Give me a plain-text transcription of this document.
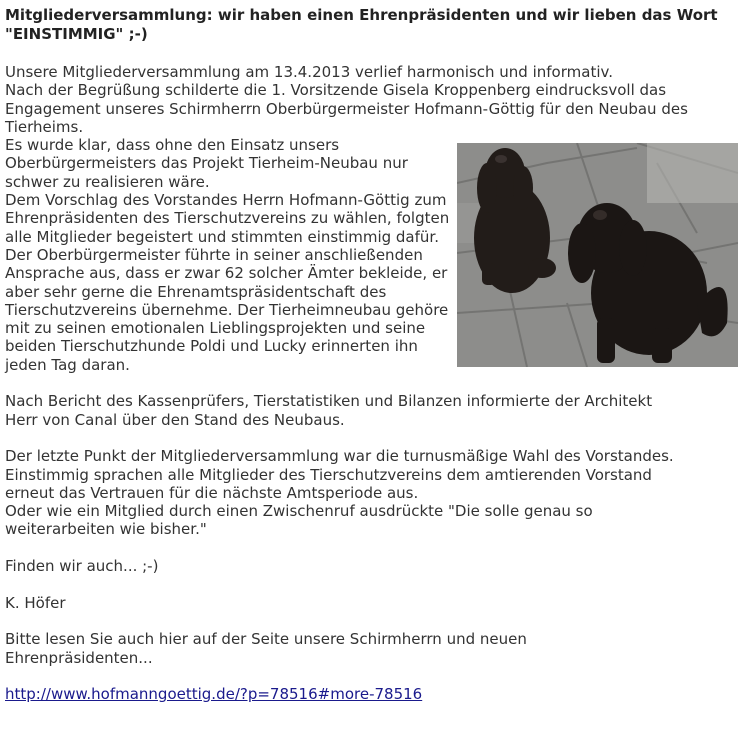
Mitgliederversammlung: wir haben einen Ehrenpräsidenten und wir lieben das Wort "EINSTIMMIG" ;-)

Unsere Mitgliederversammlung am 13.4.2013 verlief harmonisch und informativ.

Nach der Begrüßung schilderte die 1. Vorsitzende Gisela Kroppenberg eindrucksvoll das Engagement unseres Schirmherrn Oberbürgermeister Hofmann-Göttig für den Neubau des Tierheims.

Es wurde klar, dass ohne den Einsatz unsers Oberbürgermeisters das Projekt Tierheim-Neubau nur schwer zu realisieren wäre.

Dem Vorschlag des Vorstandes Herrn Hofmann-Göttig zum Ehrenpräsidenten des Tierschutzvereins zu wählen, folgten alle Mitglieder begeistert und stimmten einstimmig dafür.

Der Oberbürgermeister führte in seiner anschließenden Ansprache aus, dass er zwar 62 solcher Ämter bekleide, er aber sehr gerne die Ehrenamtspräsidentschaft des Tierschutzvereins übernehme. Der Tierheimneubau gehöre mit zu seinen emotionalen Lieblingsprojekten und seine beiden Tierschutzhunde Poldi und Lucky erinnerten ihn jeden Tag daran.

Nach Bericht des Kassenprüfers, Tierstatistiken und Bilanzen informierte der Architekt Herr von Canal über den Stand des Neubaus.

Der letzte Punkt der Mitgliederversammlung war die turnusmäßige Wahl des Vorstandes.

Einstimmig sprachen alle Mitglieder des Tierschutzvereins dem amtierenden Vorstand erneut das Vertrauen für die nächste Amtsperiode aus.

Oder wie ein Mitglied durch einen Zwischenruf ausdrückte "Die solle genau so weiterarbeiten wie bisher."

Finden wir auch... ;-)

K. Höfer

Bitte lesen Sie auch hier auf der Seite unsere Schirmherrn und neuen Ehrenpräsidenten...

http://www.hofmanngoettig.de/?p=78516#more-78516
